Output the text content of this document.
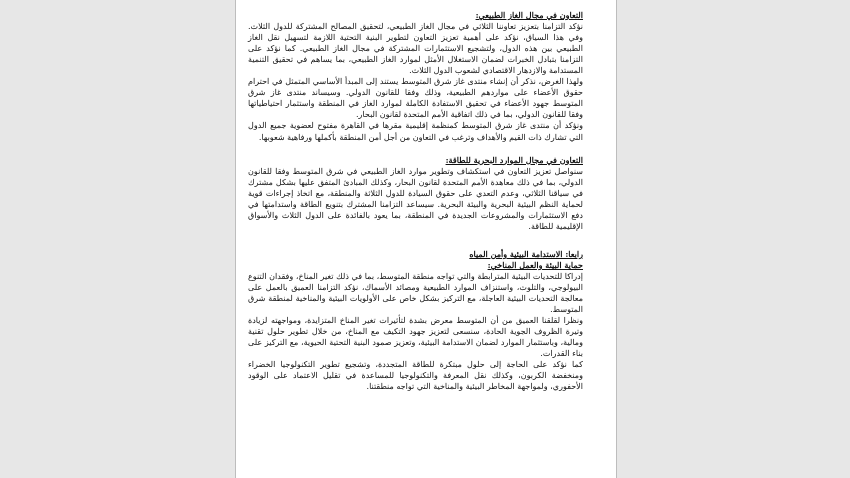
التعاون في مجال الغاز الطبيعي:

نؤكد التزامنا بتعزيز تعاوننا الثلاثي في مجال الغاز الطبيعي، لتحقيق المصالح المشتركة للدول الثلاث. وفي هذا السياق، نؤكد على أهمية تعزيز التعاون لتطوير البنية التحتية اللازمة لتسهيل نقل الغاز الطبيعي بين هذه الدول، ولتشجيع الاستثمارات المشتركة في مجال الغاز الطبيعي. كما نؤكد على التزامنا بتبادل الخبرات لضمان الاستغلال الأمثل لموارد الغاز الطبيعي، بما يساهم في تحقيق التنمية المستدامة والازدهار الاقتصادي لشعوب الدول الثلاث.

ولهذا الغرض، نذكر أن إنشاء منتدى غاز شرق المتوسط يستند إلى المبدأ الأساسي المتمثل في احترام حقوق الأعضاء على مواردهم الطبيعية، وذلك وفقا للقانون الدولي. وسيساند منتدى غاز شرق المتوسط جهود الأعضاء في تحقيق الاستفادة الكاملة لموارد الغاز في المنطقة واستثمار احتياطياتها وفقا للقانون الدولي، بما في ذلك اتفاقية الأمم المتحدة لقانون البحار.

ونؤكد أن منتدى غاز شرق المتوسط كمنظمة إقليمية مقرها في القاهرة مفتوح لعضوية جميع الدول التي تشارك ذات القيم والأهداف وترغب في التعاون من أجل أمن المنطقة بأكملها ورفاهية شعوبها.

التعاون في مجال الموارد البحرية للطاقة:

سنواصل تعزيز التعاون في استكشاف وتطوير موارد الغاز الطبيعي في شرق المتوسط وفقا للقانون الدولي، بما في ذلك معاهدة الأمم المتحدة لقانون البحار، وكذلك المبادئ المتفق عليها بشكل مشترك في سياقنا الثلاثي، وعدم التعدي على حقوق السيادة للدول الثلاثة والمنطقة، مع اتخاذ إجراءات قوية لحماية النظم البيئية البحرية والبيئة البحرية. سيساعد التزامنا المشترك بتنويع الطاقة واستدامتها في دفع الاستثمارات والمشروعات الجديدة في المنطقة، بما يعود بالفائدة على الدول الثلاث والأسواق الإقليمية للطاقة.

رابعا: الاستدامة البيئية وأمن المياه

حماية البيئة والعمل المناخي:

إدراكا للتحديات البيئية المترابطة والتي تواجه منطقة المتوسط، بما في ذلك تغير المناخ، وفقدان التنوع البيولوجي، والتلوث، واستنزاف الموارد الطبيعية ومصائد الأسماك، نؤكد التزامنا العميق بالعمل على معالجة التحديات البيئية العاجلة، مع التركيز بشكل خاص على الأولويات البيئية والمناخية لمنطقة شرق المتوسط.

ونظرا لقلقنا العميق من أن المتوسط معرض بشدة لتأثيرات تغير المناخ المتزايدة، ومواجهته لزيادة وتيرة الظروف الجوية الحادة، سنسعى لتعزيز جهود التكيف مع المناخ، من خلال تطوير حلول تقنية ومالية، وباستثمار الموارد لضمان الاستدامة البيئية، وتعزيز صمود البنية التحتية الحيوية، مع التركيز على بناء القدرات.

كما نؤكد على الحاجة إلى حلول مبتكرة للطاقة المتجددة، وتشجيع تطوير التكنولوجيا الخضراء ومنخفضة الكربون، وكذلك نقل المعرفة والتكنولوجيا للمساعدة في تقليل الاعتماد على الوقود الأحفوري، ولمواجهة المخاطر البيئية والمناخية التي تواجه منطقتنا.
